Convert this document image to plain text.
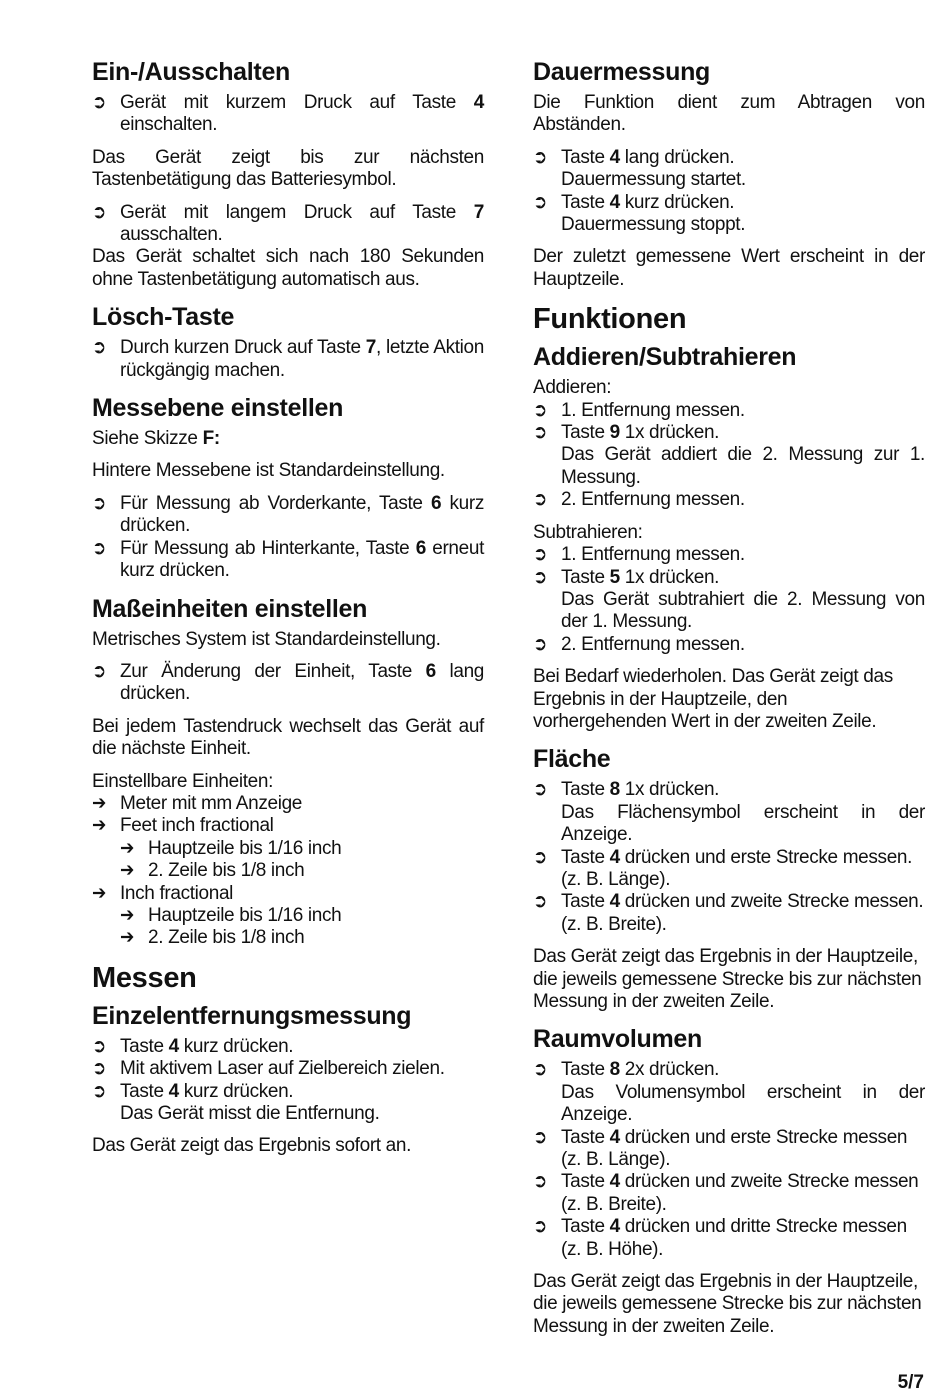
Ein-/Ausschalten
➲ Gerät mit kurzem Druck auf Taste 4 einschalten.

Das Gerät zeigt bis zur nächsten Tastenbetätigung das Batteriesymbol.

➲ Gerät mit langem Druck auf Taste 7 ausschalten.

Das Gerät schaltet sich nach 180 Sekunden ohne Tastenbetätigung automatisch aus.

Lösch-Taste
➲ Durch kurzen Druck auf Taste 7, letzte Aktion rückgängig machen.
Messebene einstellen

Siehe Skizze F:

Hintere Messebene ist Standardeinstellung.

➲ Für Messung ab Vorderkante, Taste 6 kurz drücken.
➲ Für Messung ab Hinterkante, Taste 6 erneut kurz drücken.
Maßeinheiten einstellen

Metrisches System ist Standardeinstellung.

➲ Zur Änderung der Einheit, Taste 6 lang drücken.

Bei jedem Tastendruck wechselt das Gerät auf die nächste Einheit.

Einstellbare Einheiten:

➔ Meter mit mm Anzeige
➔ Feet inch fractional
➔ Hauptzeile bis 1/16 inch
➔ 2. Zeile bis 1/8 inch
➔ Inch fractional
➔ Hauptzeile bis 1/16 inch
➔ 2. Zeile bis 1/8 inch
Messen
Einzelentfernungsmessung
➲ Taste 4 kurz drücken.
➲ Mit aktivem Laser auf Zielbereich zielen.
➲ Taste 4 kurz drücken.
Das Gerät misst die Entfernung.

Das Gerät zeigt das Ergebnis sofort an.

Dauermessung

Die Funktion dient zum Abtragen von Abständen.

➲ Taste 4 lang drücken.
Dauermessung startet.
➲ Taste 4 kurz drücken.
Dauermessung stoppt.

Der zuletzt gemessene Wert erscheint in der Hauptzeile.

Funktionen
Addieren/Subtrahieren

Addieren:

➲ 1. Entfernung messen.
➲ Taste 9 1x drücken.
Das Gerät addiert die 2. Messung zur 1. Messung.
➲ 2. Entfernung messen.

Subtrahieren:

➲ 1. Entfernung messen.
➲ Taste 5 1x drücken.
Das Gerät subtrahiert die 2. Messung von der 1. Messung.
➲ 2. Entfernung messen.

Bei Bedarf wiederholen. Das Gerät zeigt das Ergebnis in der Hauptzeile, den vorhergehenden Wert in der zweiten Zeile.

Fläche
➲ Taste 8 1x drücken.
Das Flächensymbol erscheint in der Anzeige.
➲ Taste 4 drücken und erste Strecke messen.
(z. B. Länge).
➲ Taste 4 drücken und zweite Strecke messen.
(z. B. Breite).

Das Gerät zeigt das Ergebnis in der Hauptzeile, die jeweils gemessene Strecke bis zur nächsten Messung in der zweiten Zeile.

Raumvolumen
➲ Taste 8 2x drücken.
Das Volumensymbol erscheint in der Anzeige.
➲ Taste 4 drücken und erste Strecke messen
(z. B. Länge).
➲ Taste 4 drücken und zweite Strecke messen
(z. B. Breite).
➲ Taste 4 drücken und dritte Strecke messen
(z. B. Höhe).

Das Gerät zeigt das Ergebnis in der Hauptzeile, die jeweils gemessene Strecke bis zur nächsten Messung in der zweiten Zeile.

5/7
